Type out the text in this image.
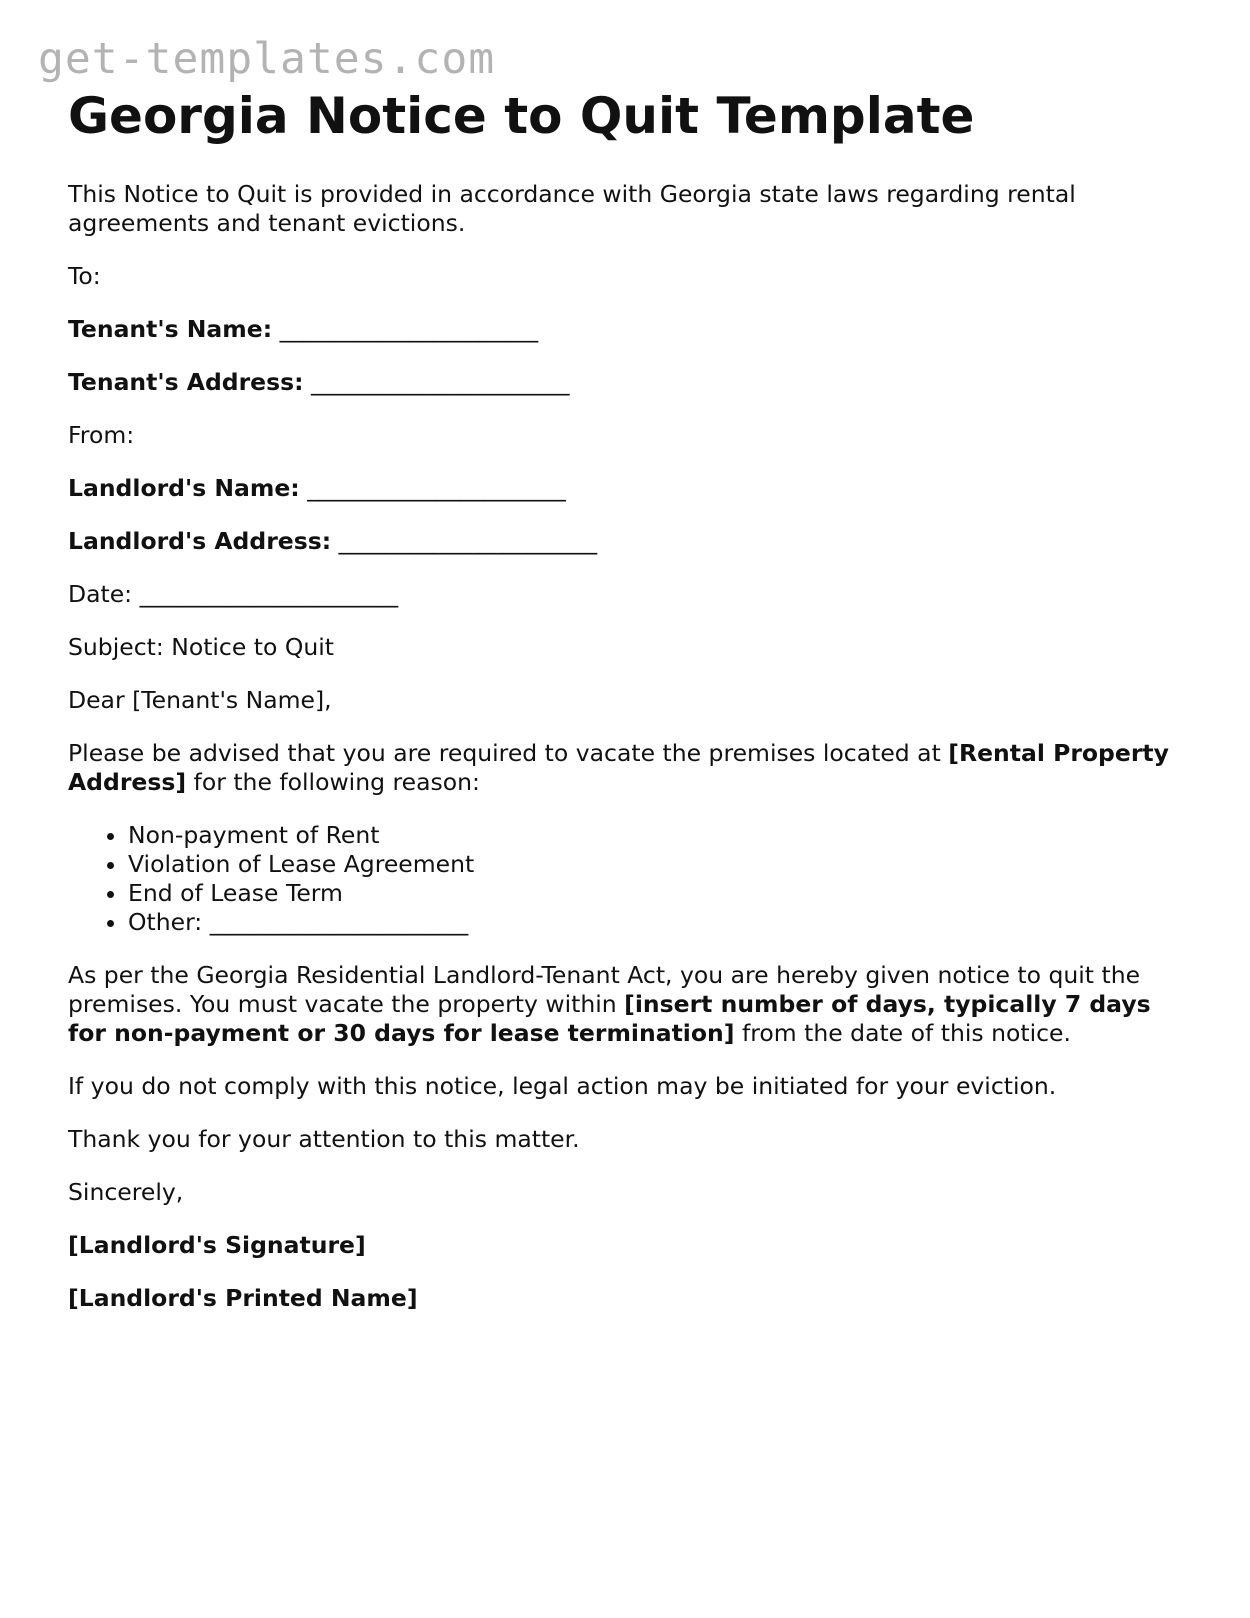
get-templates.com
Georgia Notice to Quit Template

This Notice to Quit is provided in accordance with Georgia state laws regarding rental agreements and tenant evictions.

To:

Tenant's Name: ______________________

Tenant's Address: ______________________

From:

Landlord's Name: ______________________

Landlord's Address: ______________________

Date: ______________________

Subject: Notice to Quit

Dear [Tenant's Name],

Please be advised that you are required to vacate the premises located at [Rental Property Address] for the following reason:

• Non-payment of Rent
• Violation of Lease Agreement
• End of Lease Term
• Other: ______________________

As per the Georgia Residential Landlord-Tenant Act, you are hereby given notice to quit the premises. You must vacate the property within [insert number of days, typically 7 days for non-payment or 30 days for lease termination] from the date of this notice.

If you do not comply with this notice, legal action may be initiated for your eviction.

Thank you for your attention to this matter.

Sincerely,

[Landlord's Signature]

[Landlord's Printed Name]
